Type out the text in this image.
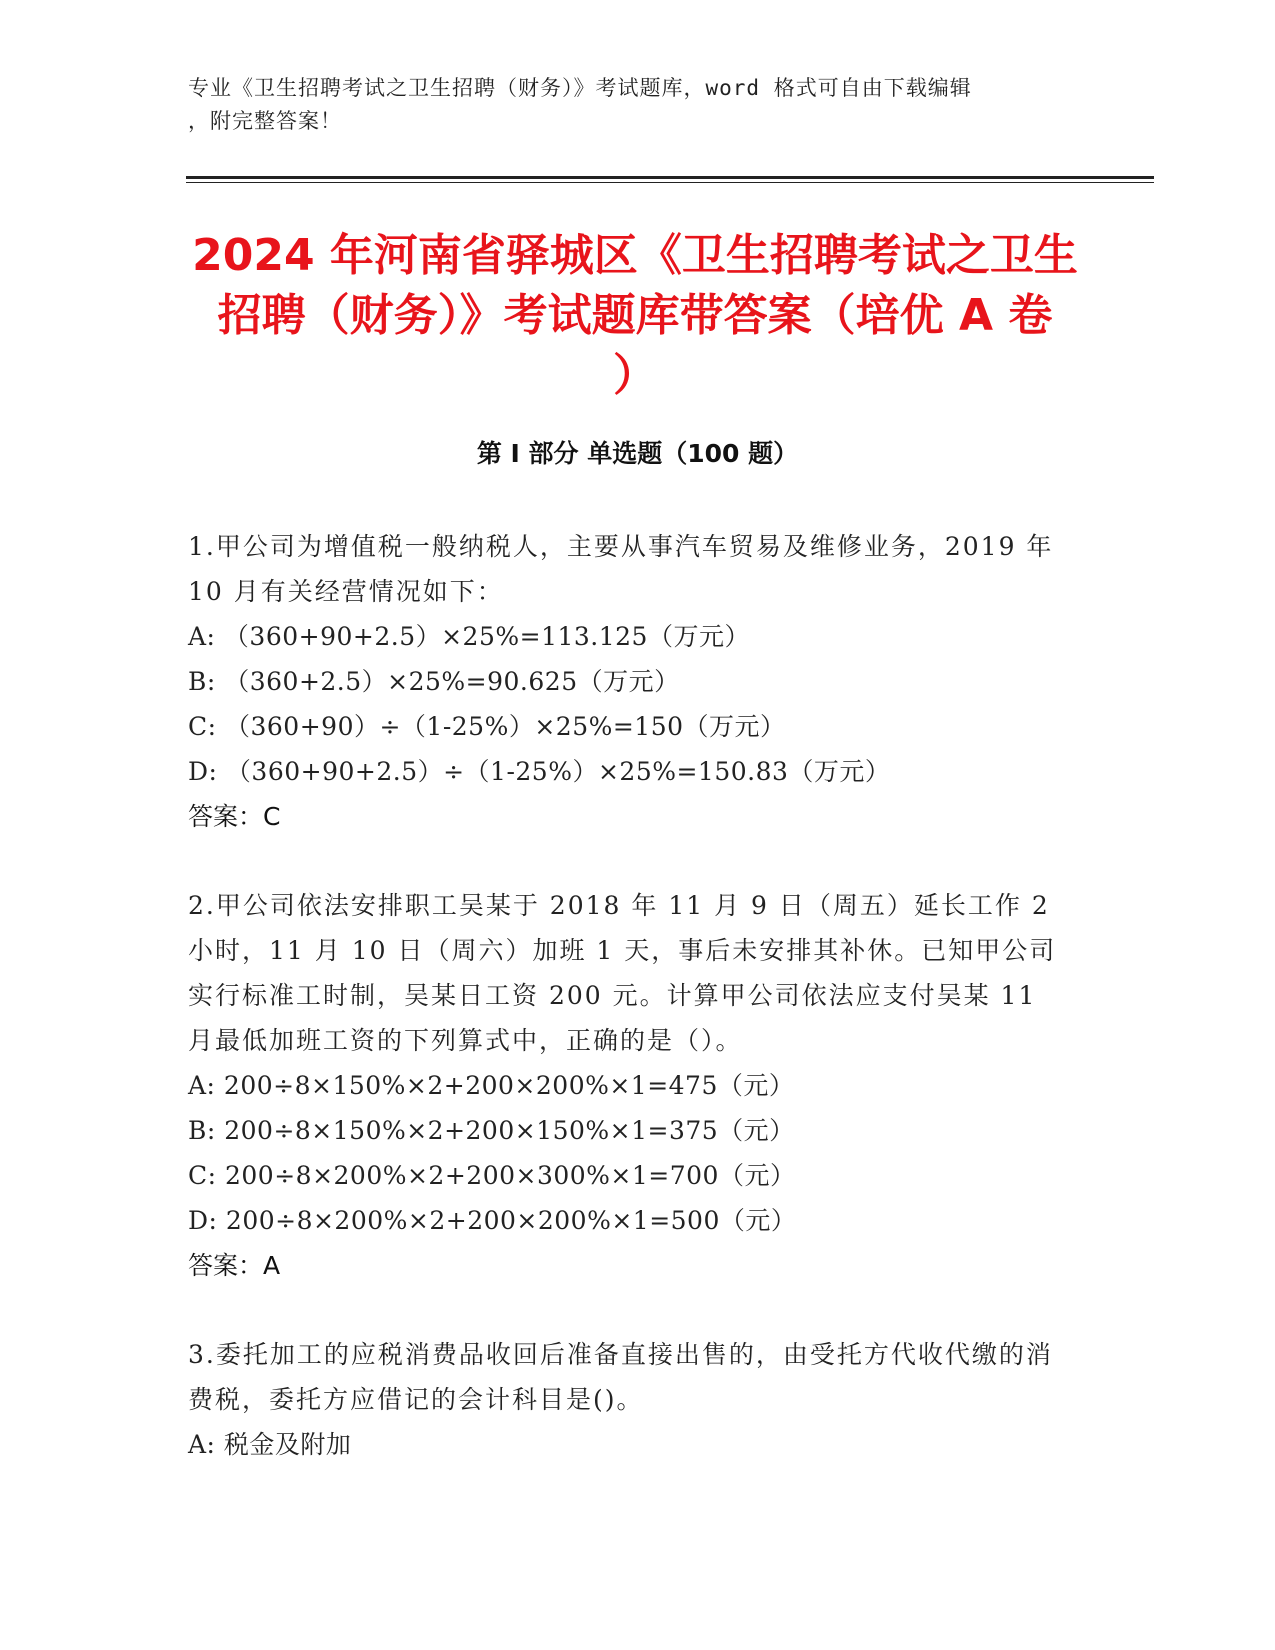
专业《卫生招聘考试之卫生招聘（财务）》考试题库，word 格式可自由下载编辑
，附完整答案！
2024 年河南省驿城区《卫生招聘考试之卫生
招聘（财务）》考试题库带答案（培优 A 卷
）
第 I 部分 单选题（100 题）
1.甲公司为增值税一般纳税人，主要从事汽车贸易及维修业务，2019 年 10 月有关经营情况如下：
A: （360+90+2.5）×25%=113.125（万元）
B: （360+2.5）×25%=90.625（万元）
C: （360+90）÷（1-25%）×25%=150（万元）
D: （360+90+2.5）÷（1-25%）×25%=150.83（万元）
答案：C
2.甲公司依法安排职工吴某于 2018 年 11 月 9 日（周五）延长工作 2 小时，11 月 10 日（周六）加班 1 天，事后未安排其补休。已知甲公司实行标准工时制，吴某日工资 200 元。计算甲公司依法应支付吴某 11 月最低加班工资的下列算式中，正确的是（）。
A: 200÷8×150%×2+200×200%×1=475（元）
B: 200÷8×150%×2+200×150%×1=375（元）
C: 200÷8×200%×2+200×300%×1=700（元）
D: 200÷8×200%×2+200×200%×1=500（元）
答案：A
3.委托加工的应税消费品收回后准备直接出售的，由受托方代收代缴的消费税，委托方应借记的会计科目是()。
A: 税金及附加
